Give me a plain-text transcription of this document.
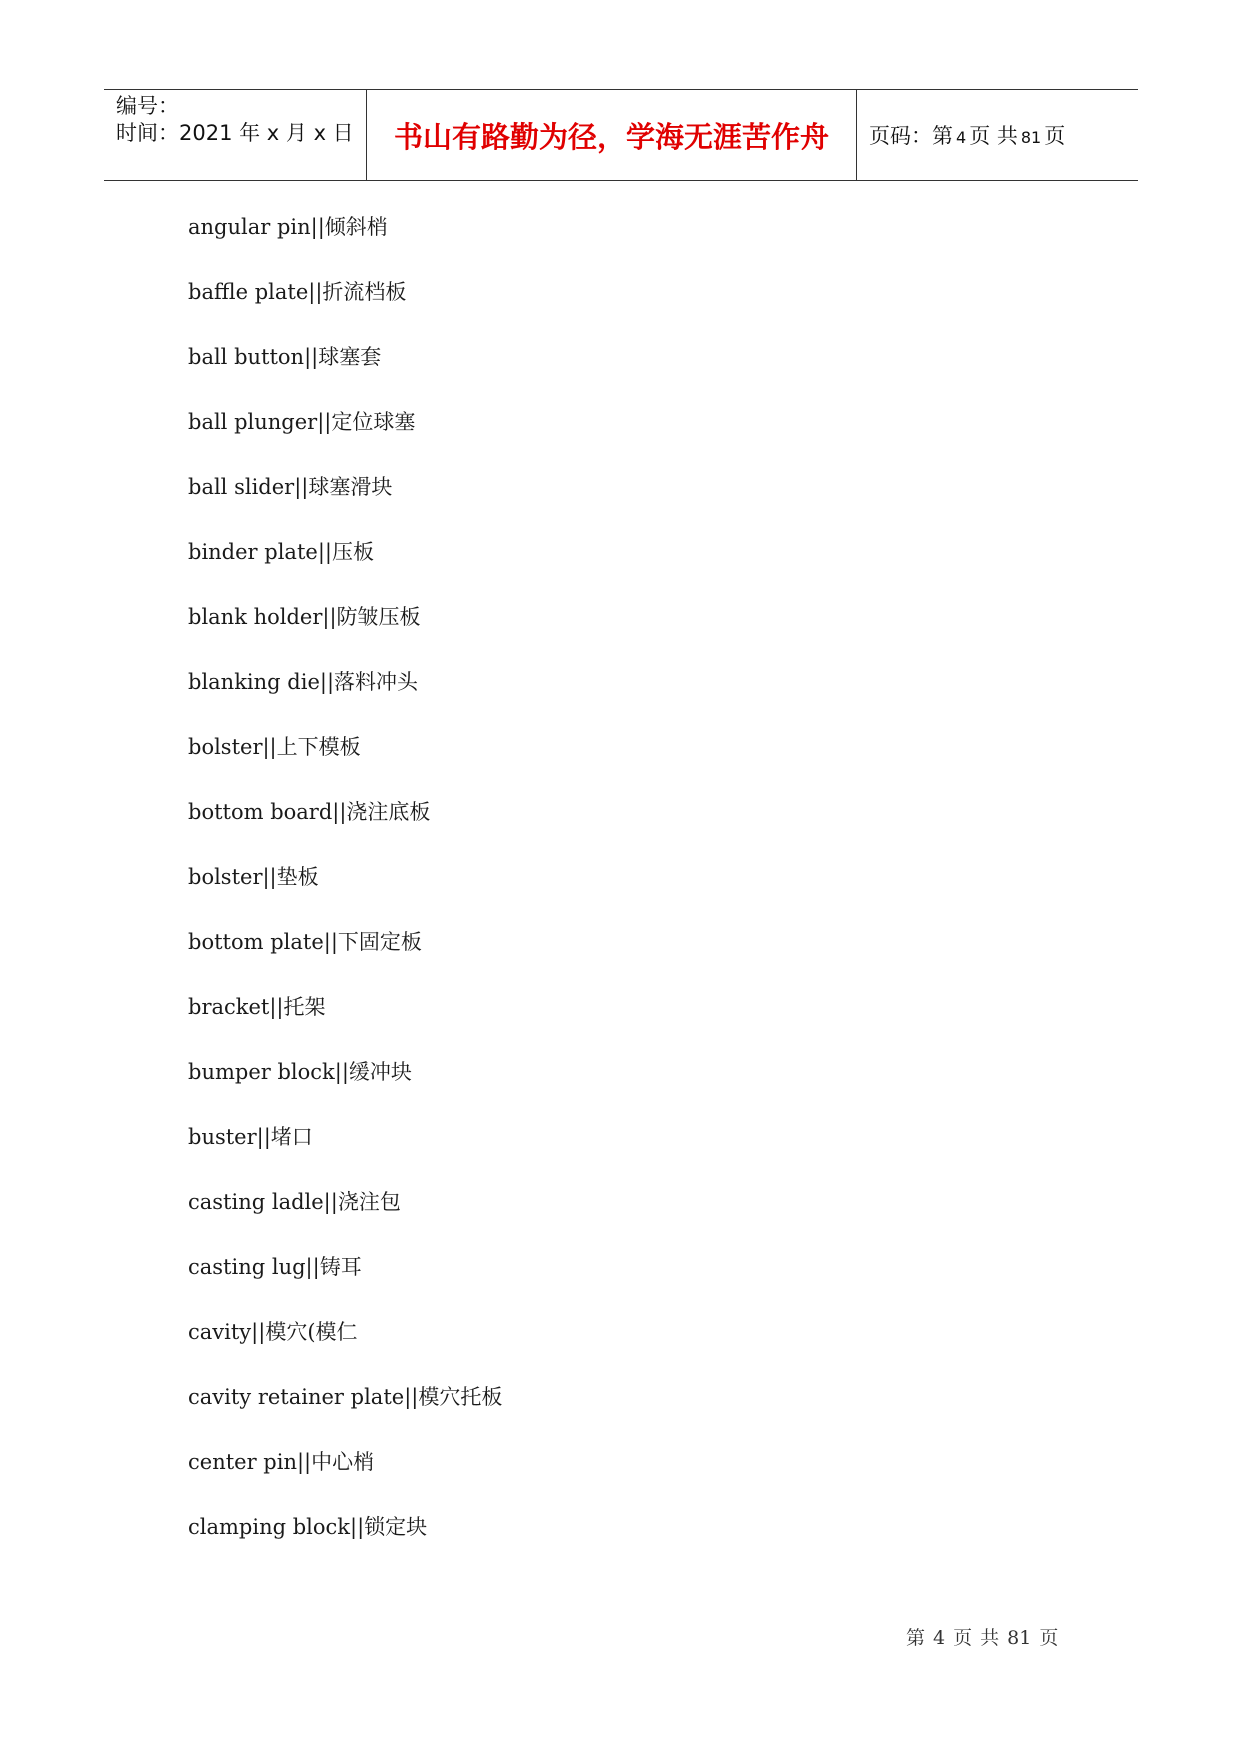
编号：
时间：2021 年 x 月 x 日 书山有路勤为径，学海无涯苦作舟	页码：第 4 页 共 81 页
angular pin||倾斜梢
baffle plate||折流档板
ball button||球塞套
ball plunger||定位球塞
ball slider||球塞滑块
binder plate||压板
blank holder||防皱压板
blanking die||落料冲头
bolster||上下模板
bottom board||浇注底板
bolster||垫板
bottom plate||下固定板
bracket||托架
bumper block||缓冲块
buster||堵口
casting ladle||浇注包
casting lug||铸耳
cavity||模穴(模仁
cavity retainer plate||模穴托板
center pin||中心梢
clamping block||锁定块
第 4 页 共 81 页
